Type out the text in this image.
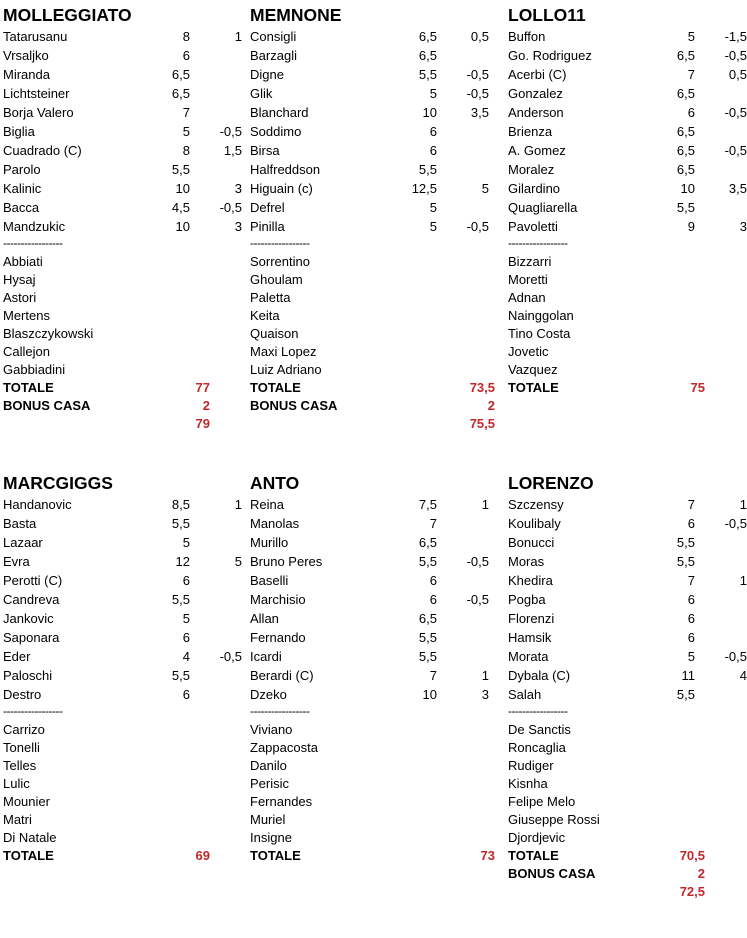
MOLLEGGIATO
Tatarusanu	8	1
Vrsaljko	6
Miranda	6,5
Lichtsteiner	6,5
Borja Valero	7
Biglia	5 -0,5
Cuadrado (C)	8	1,5
Parolo	5,5
Kalinic	10	3
Bacca	4,5 -0,5
Mandzukic	10	3
-----------------
Abbiati
Hysaj
Astori
Mertens
Blaszczykowski
Callejon
Gabbiadini
TOTALE	77
BONUS CASA	2
79
MEMNONE
Consigli	6,5	0,5
Barzagli	6,5
Digne	5,5 -0,5
Glik	5 -0,5
Blanchard	10	3,5
Soddimo	6
Birsa	6
Halfreddson	5,5
Higuain (c)	12,5	5
Defrel	5
Pinilla	5 -0,5
-----------------
Sorrentino
Ghoulam
Paletta
Keita
Quaison
Maxi Lopez
Luiz Adriano
TOTALE	73,5
BONUS CASA	2
75,5
LOLLO11
Buffon	5 -1,5
Go. Rodriguez	6,5 -0,5
Acerbi (C)	7	0,5
Gonzalez	6,5
Anderson	6 -0,5
Brienza	6,5
A. Gomez	6,5 -0,5
Moralez	6,5
Gilardino	10	3,5
Quagliarella	5,5
Pavoletti	9	3
-----------------
Bizzarri
Moretti
Adnan
Nainggolan
Tino Costa
Jovetic
Vazquez
TOTALE	75
MARCGIGGS
Handanovic	8,5	1
Basta	5,5
Lazaar	5
Evra	12	5
Perotti (C)	6
Candreva	5,5
Jankovic	5
Saponara	6
Eder	4 -0,5
Paloschi	5,5
Destro	6
-----------------
Carrizo
Tonelli
Telles
Lulic
Mounier
Matri
Di Natale
TOTALE	69
ANTO
Reina	7,5	1
Manolas	7
Murillo	6,5
Bruno Peres	5,5 -0,5
Baselli	6
Marchisio	6 -0,5
Allan	6,5
Fernando	5,5
Icardi	5,5
Berardi (C)	7	1
Dzeko	10	3
-----------------
Viviano
Zappacosta
Danilo
Perisic
Fernandes
Muriel
Insigne
TOTALE	73
LORENZO
Szczensy	7	1
Koulibaly	6 -0,5
Bonucci	5,5
Moras	5,5
Khedira	7	1
Pogba	6
Florenzi	6
Hamsik	6
Morata	5 -0,5
Dybala (C)	11	4
Salah	5,5
-----------------
De Sanctis
Roncaglia
Rudiger
Kisnha
Felipe Melo
Giuseppe Rossi
Djordjevic
TOTALE	70,5
BONUS CASA	2
72,5
